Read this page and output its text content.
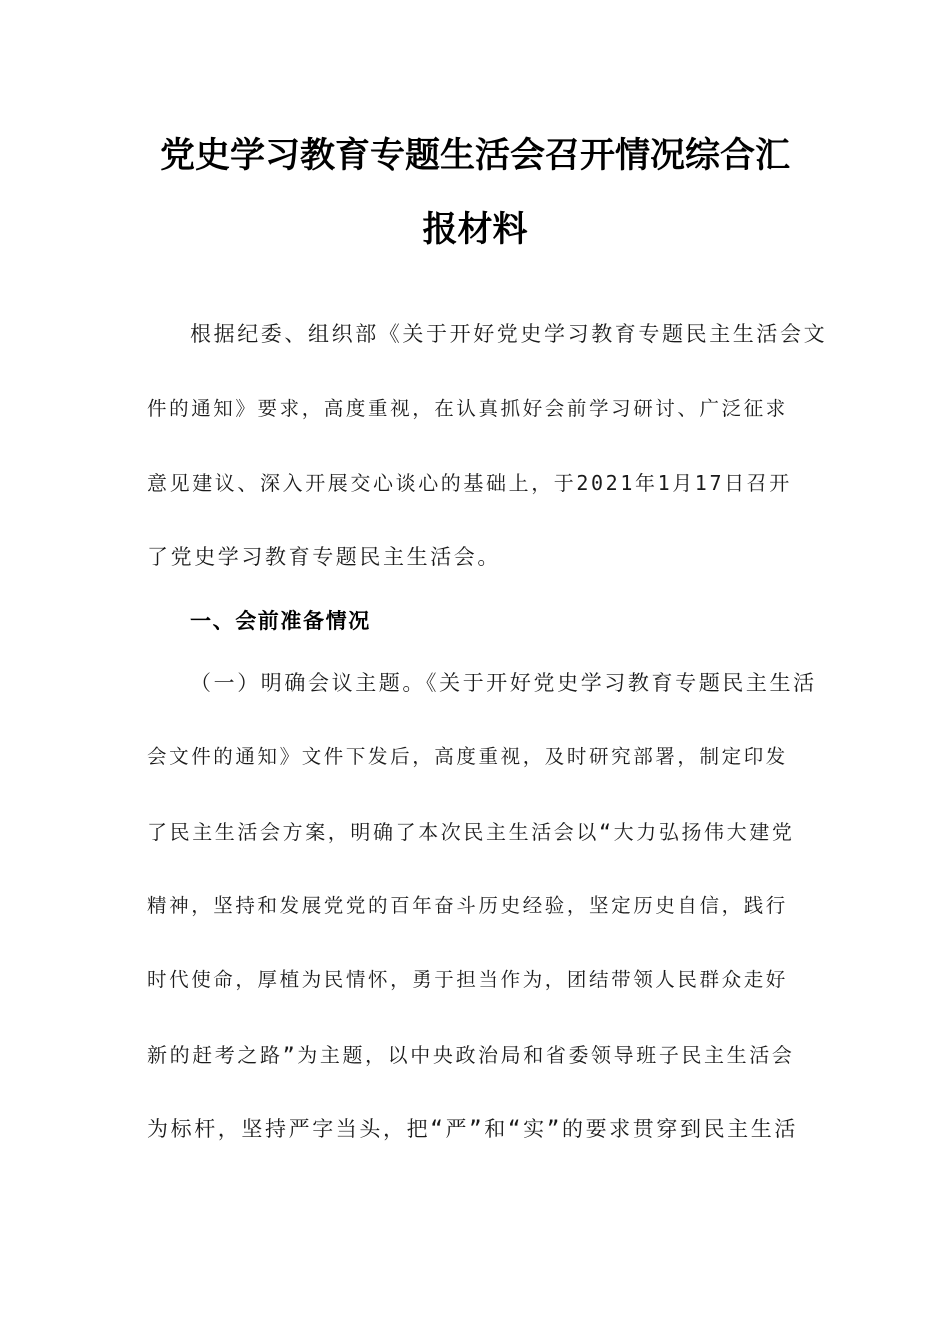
党史学习教育专题生活会召开情况综合汇
报材料

根据纪委、组织部《关于开好党史学习教育专题民主生活会文

件的通知》要求，高度重视，在认真抓好会前学习研讨、广泛征求

意见建议、深入开展交心谈心的基础上，于2021年1月17日召开

了党史学习教育专题民主生活会。

一、会前准备情况

（一）明确会议主题。《关于开好党史学习教育专题民主生活

会文件的通知》文件下发后，高度重视，及时研究部署，制定印发

了民主生活会方案，明确了本次民主生活会以“大力弘扬伟大建党

精神，坚持和发展党党的百年奋斗历史经验，坚定历史自信，践行

时代使命，厚植为民情怀，勇于担当作为，团结带领人民群众走好

新的赶考之路”为主题，以中央政治局和省委领导班子民主生活会

为标杆，坚持严字当头，把“严”和“实”的要求贯穿到民主生活
